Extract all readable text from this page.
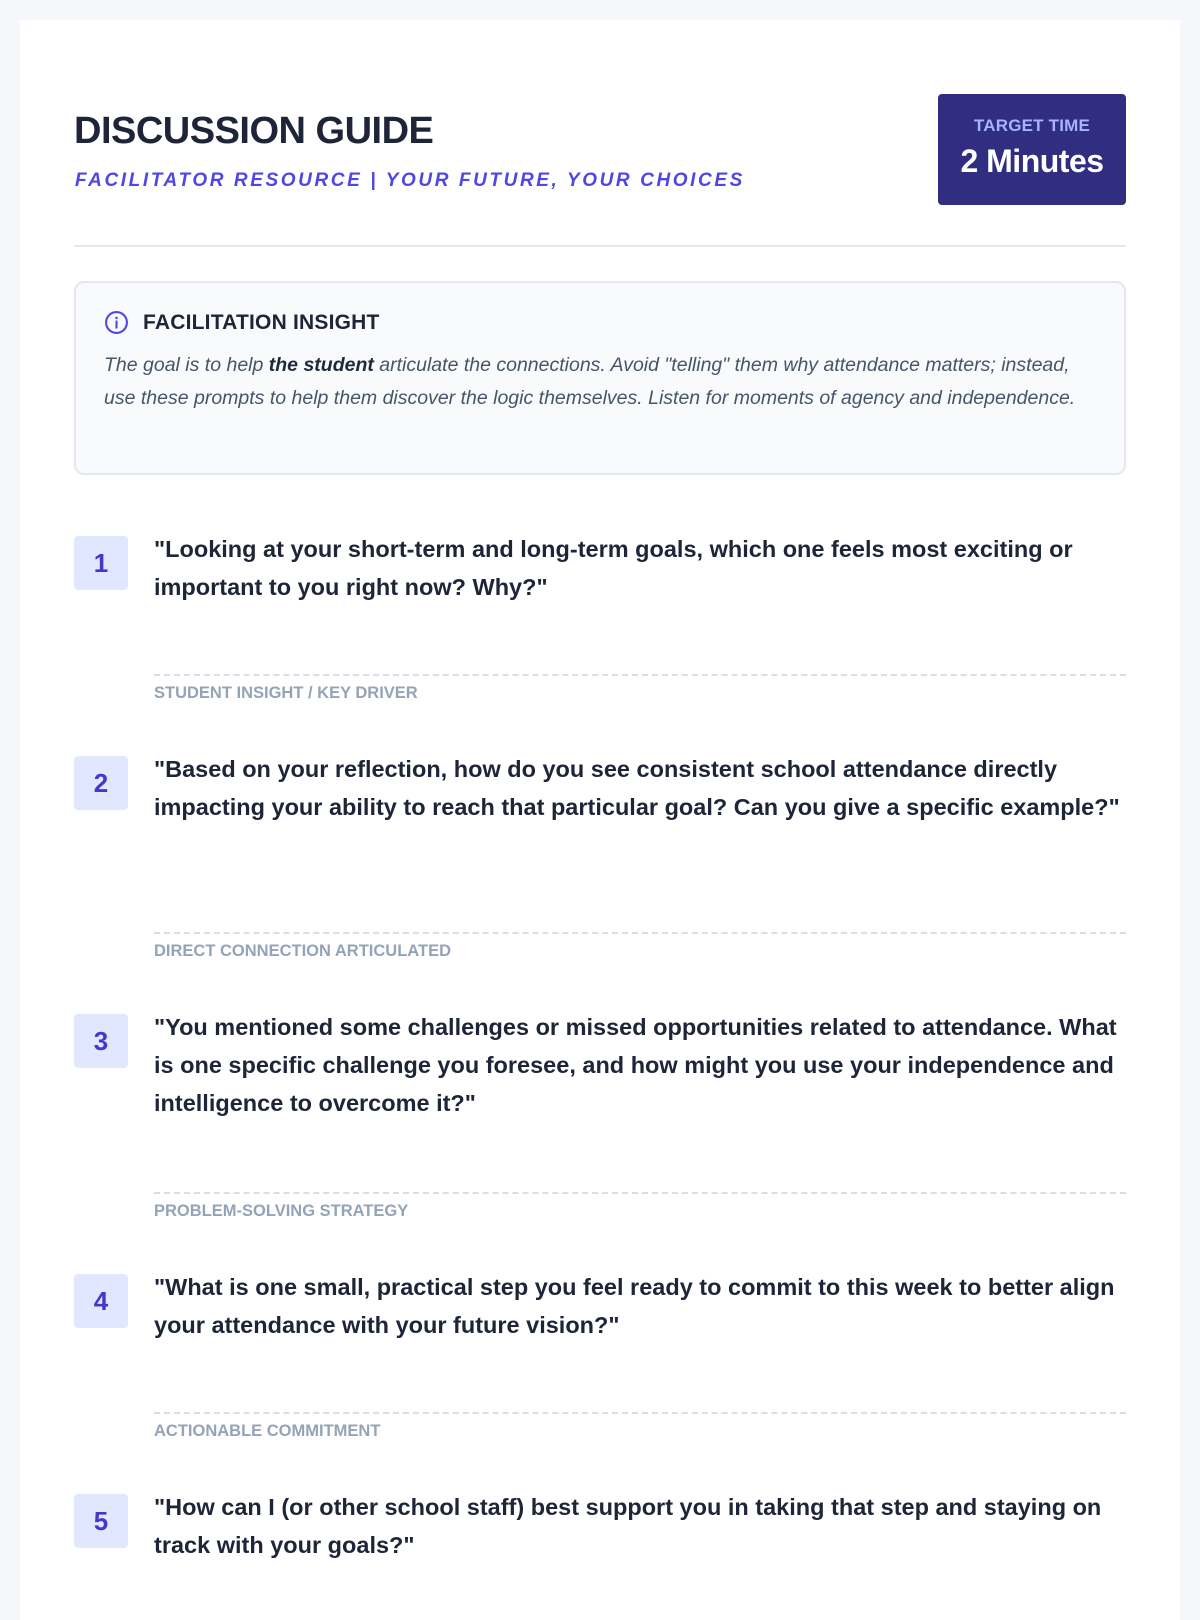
DISCUSSION GUIDE
FACILITATOR RESOURCE | YOUR FUTURE, YOUR CHOICES
TARGET TIME
2 Minutes
FACILITATION INSIGHT
The goal is to help the student articulate the connections. Avoid "telling" them why attendance matters; instead, use these prompts to help them discover the logic themselves. Listen for moments of agency and independence.
1	"Looking at your short-term and long-term goals, which one feels most exciting or important to you right now? Why?"
STUDENT INSIGHT / KEY DRIVER
2	"Based on your reflection, how do you see consistent school attendance directly impacting your ability to reach that particular goal? Can you give a specific example?"
DIRECT CONNECTION ARTICULATED
3	"You mentioned some challenges or missed opportunities related to attendance. What is one specific challenge you foresee, and how might you use your independence and intelligence to overcome it?"
PROBLEM-SOLVING STRATEGY
4	"What is one small, practical step you feel ready to commit to this week to better align your attendance with your future vision?"
ACTIONABLE COMMITMENT
5	"How can I (or other school staff) best support you in taking that step and staying on track with your goals?"
